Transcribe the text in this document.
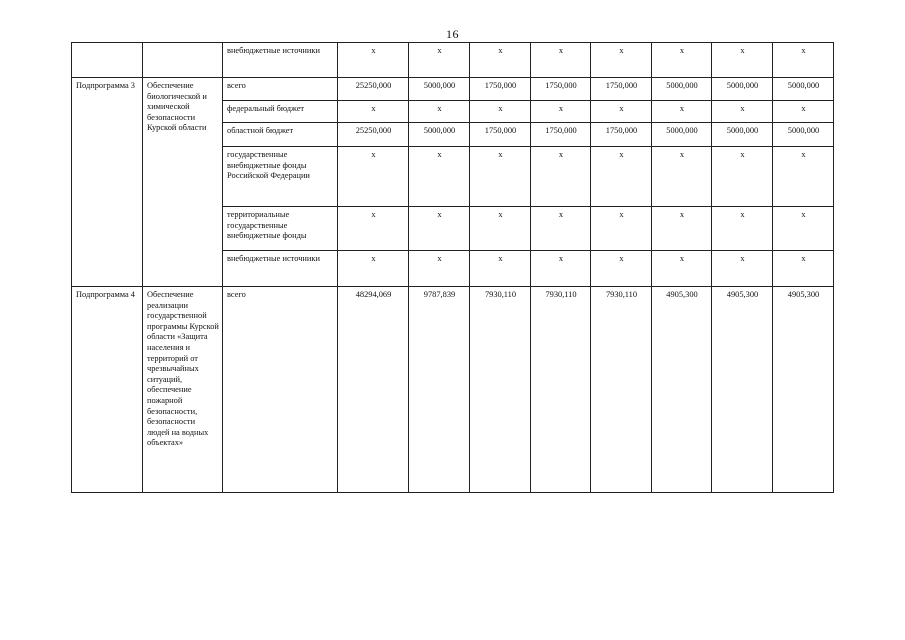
16
		внебюджетные источники	х	х	х	х	х	х	х	х
Подпрограмма 3	Обеспечение биологической и химической безопасности Курской области	всего	25250,000	5000,000	1750,000	1750,000	1750,000	5000,000	5000,000	5000,000
		федеральный бюджет	х	х	х	х	х	х	х	х
		областной бюджет	25250,000	5000,000	1750,000	1750,000	1750,000	5000,000	5000,000	5000,000
		государственные внебюджетные фонды Российской Федерации	х	х	х	х	х	х	х	х
		территориальные государственные внебюджетные фонды	х	х	х	х	х	х	х	х
		внебюджетные источники	х	х	х	х	х	х	х	х
Подпрограмма 4	Обеспечение реализации государственной программы Курской области «Защита населения и территорий от чрезвычайных ситуаций, обеспечение пожарной безопасности, безопасности людей на водных объектах»	всего	48294,069	9787,839	7930,110	7930,110	7930,110	4905,300	4905,300	4905,300
